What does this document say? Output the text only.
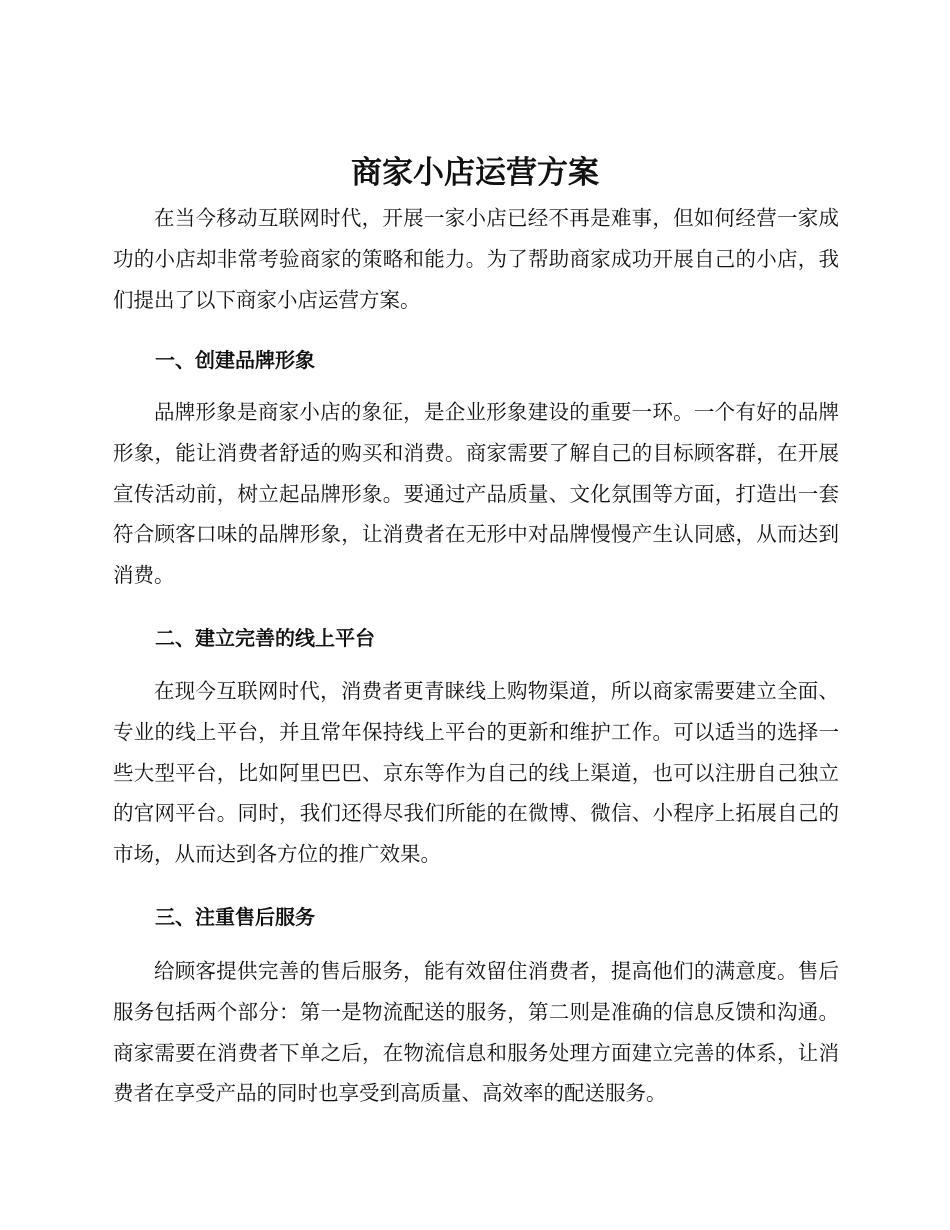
商家小店运营方案

在当今移动互联网时代，开展一家小店已经不再是难事，但如何经营一家成功的小店却非常考验商家的策略和能力。为了帮助商家成功开展自己的小店，我们提出了以下商家小店运营方案。

一、创建品牌形象

品牌形象是商家小店的象征，是企业形象建设的重要一环。一个有好的品牌形象，能让消费者舒适的购买和消费。商家需要了解自己的目标顾客群，在开展宣传活动前，树立起品牌形象。要通过产品质量、文化氛围等方面，打造出一套符合顾客口味的品牌形象，让消费者在无形中对品牌慢慢产生认同感，从而达到消费。

二、建立完善的线上平台

在现今互联网时代，消费者更青睐线上购物渠道，所以商家需要建立全面、专业的线上平台，并且常年保持线上平台的更新和维护工作。可以适当的选择一些大型平台，比如阿里巴巴、京东等作为自己的线上渠道，也可以注册自己独立的官网平台。同时，我们还得尽我们所能的在微博、微信、小程序上拓展自己的市场，从而达到各方位的推广效果。

三、注重售后服务

给顾客提供完善的售后服务，能有效留住消费者，提高他们的满意度。售后服务包括两个部分：第一是物流配送的服务，第二则是准确的信息反馈和沟通。商家需要在消费者下单之后，在物流信息和服务处理方面建立完善的体系，让消费者在享受产品的同时也享受到高质量、高效率的配送服务。
